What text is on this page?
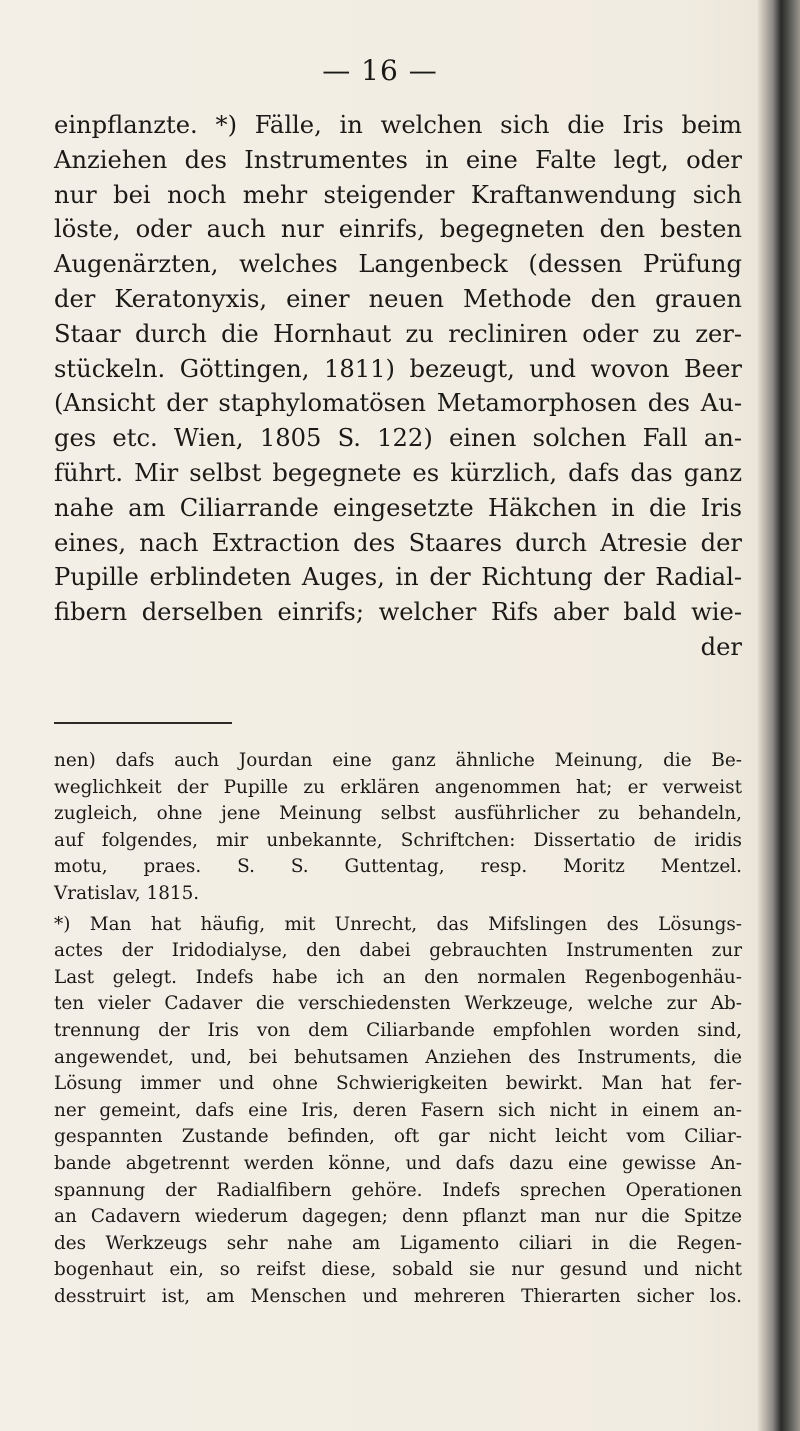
— 16 —
einpflanzte. *) Fälle, in welchen sich die Iris beim
Anziehen des Instrumentes in eine Falte legt, oder
nur bei noch mehr steigender Kraftanwendung sich
löste, oder auch nur einrifs, begegneten den besten
Augenärzten, welches Langenbeck (dessen Prüfung
der Keratonyxis, einer neuen Methode den grauen
Staar durch die Hornhaut zu recliniren oder zu zer-
stückeln. Göttingen, 1811) bezeugt, und wovon Beer
(Ansicht der staphylomatösen Metamorphosen des Au-
ges etc. Wien, 1805 S. 122) einen solchen Fall an-
führt. Mir selbst begegnete es kürzlich, dafs das ganz
nahe am Ciliarrande eingesetzte Häkchen in die Iris
eines, nach Extraction des Staares durch Atresie der
Pupille erblindeten Auges, in der Richtung der Radial-
fibern derselben einrifs; welcher Rifs aber bald wie-
der
nen) dafs auch Jourdan eine ganz ähnliche Meinung, die Be-
weglichkeit der Pupille zu erklären angenommen hat; er verweist
zugleich, ohne jene Meinung selbst ausführlicher zu behandeln,
auf folgendes, mir unbekannte, Schriftchen: Dissertatio de iridis
motu, praes. S. S. Guttentag, resp. Moritz Mentzel.
Vratislav, 1815.
*) Man hat häufig, mit Unrecht, das Mifslingen des Lösungs-
actes der Iridodialyse, den dabei gebrauchten Instrumenten zur
Last gelegt. Indefs habe ich an den normalen Regenbogenhäu-
ten vieler Cadaver die verschiedensten Werkzeuge, welche zur Ab-
trennung der Iris von dem Ciliarbande empfohlen worden sind,
angewendet, und, bei behutsamen Anziehen des Instruments, die
Lösung immer und ohne Schwierigkeiten bewirkt. Man hat fer-
ner gemeint, dafs eine Iris, deren Fasern sich nicht in einem an-
gespannten Zustande befinden, oft gar nicht leicht vom Ciliar-
bande abgetrennt werden könne, und dafs dazu eine gewisse An-
spannung der Radialfibern gehöre. Indefs sprechen Operationen
an Cadavern wiederum dagegen; denn pflanzt man nur die Spitze
des Werkzeugs sehr nahe am Ligamento ciliari in die Regen-
bogenhaut ein, so reifst diese, sobald sie nur gesund und nicht
desstruirt ist, am Menschen und mehreren Thierarten sicher los.
